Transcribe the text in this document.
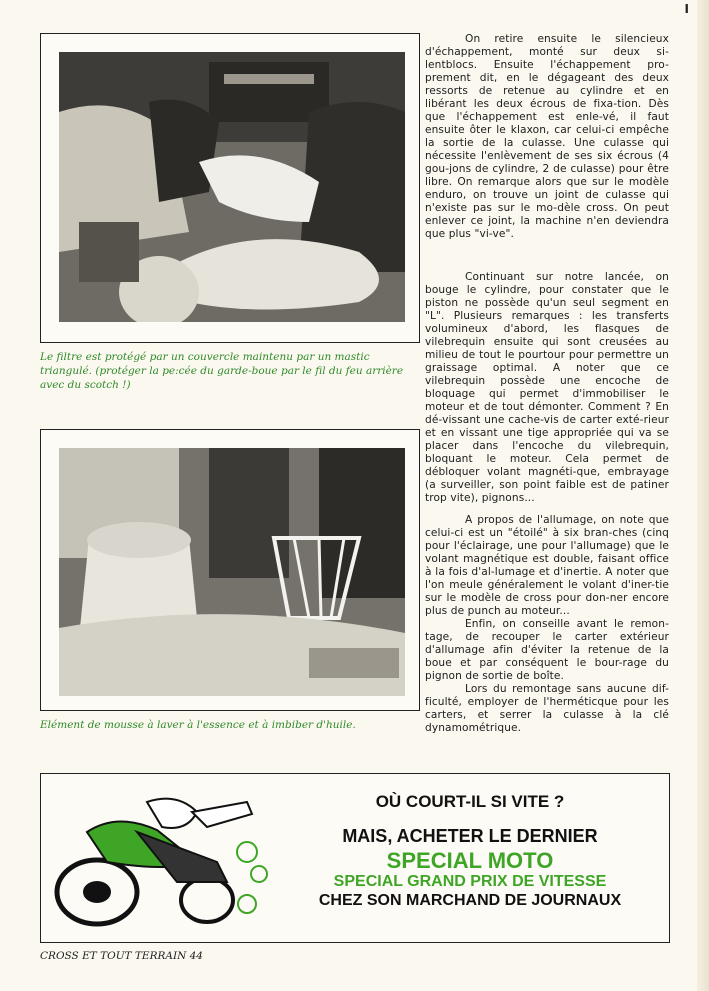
I
Le filtre est protégé par un couvercle maintenu par un mastic triangulé. (protéger la pe:cée du garde-boue par le fil du feu arrière avec du scotch !)
Elément de mousse à laver à l'essence et à imbiber d'huile.

On retire ensuite le silencieux d'échappement, monté sur deux si-lentblocs. Ensuite l'échappement pro-prement dit, en le dégageant des deux ressorts de retenue au cylindre et en libérant les deux écrous de fixa-tion. Dès que l'échappement est enle-vé, il faut ensuite ôter le klaxon, car celui-ci empêche la sortie de la culasse. Une culasse qui nécessite l'enlèvement de ses six écrous (4 gou-jons de cylindre, 2 de culasse) pour être libre. On remarque alors que sur le modèle enduro, on trouve un joint de culasse qui n'existe pas sur le mo-dèle cross. On peut enlever ce joint, la machine n'en deviendra que plus "vi-ve".

Continuant sur notre lancée, on bouge le cylindre, pour constater que le piston ne possède qu'un seul segment en "L". Plusieurs remarques : les transferts volumineux d'abord, les flasques de vilebrequin ensuite qui sont creusées au milieu de tout le pourtour pour permettre un graissage optimal. A noter que ce vilebrequin possède une encoche de bloquage qui permet d'immobiliser le moteur et de tout démonter. Comment ? En dé-vissant une cache-vis de carter exté-rieur et en vissant une tige appropriée qui va se placer dans l'encoche du vilebrequin, bloquant le moteur. Cela permet de débloquer volant magnéti-que, embrayage (a surveiller, son point faible est de patiner trop vite), pignons...

A propos de l'allumage, on note que celui-ci est un "étoilé" à six bran-ches (cinq pour l'éclairage, une pour l'allumage) que le volant magnétique est double, faisant office à la fois d'al-lumage et d'inertie. A noter que l'on meule généralement le volant d'iner-tie sur le modèle de cross pour don-ner encore plus de punch au moteur...

Enfin, on conseille avant le remon-tage, de recouper le carter extérieur d'allumage afin d'éviter la retenue de la boue et par conséquent le bour-rage du pignon de sortie de boîte.

Lors du remontage sans aucune dif-ficulté, employer de l'herméticque pour les carters, et serrer la culasse à la clé dynamométrique.

OÙ COURT-IL SI VITE ?
MAIS, ACHETER LE DERNIER
SPECIAL MOTO
SPECIAL GRAND PRIX DE VITESSE
CHEZ SON MARCHAND DE JOURNAUX
CROSS ET TOUT TERRAIN 44
